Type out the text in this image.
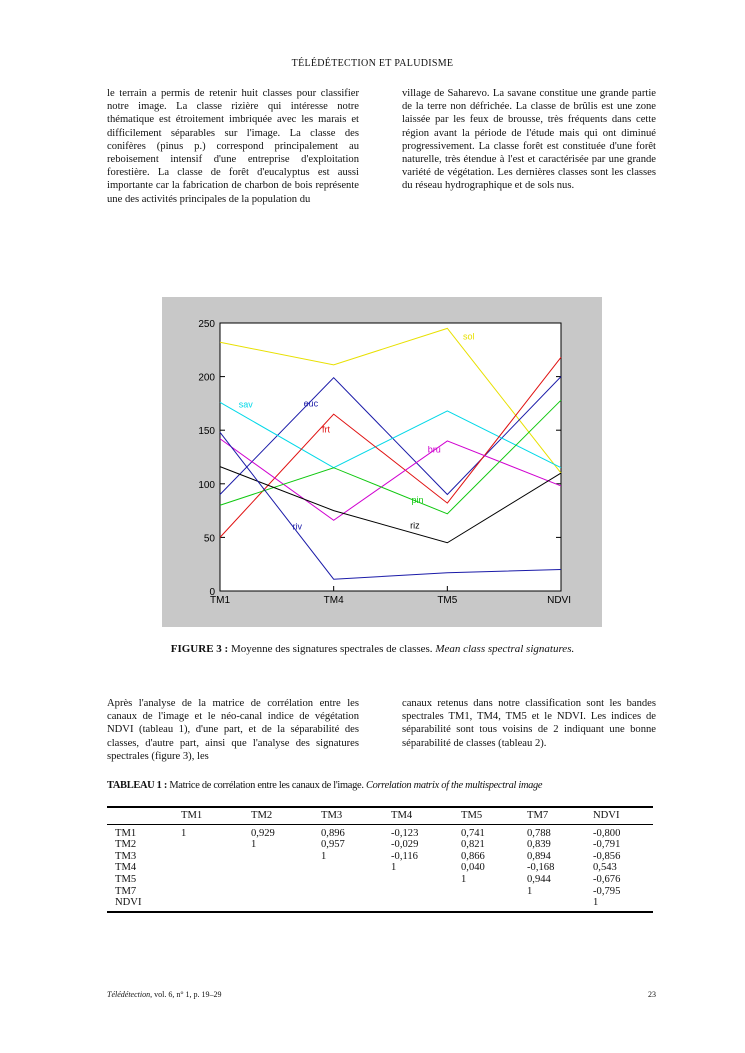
TÉLÉDÉTECTION ET PALUDISME

le terrain a permis de retenir huit classes pour classifier notre image. La classe rizière qui intéresse notre thématique est étroitement imbriquée avec les marais et difficilement séparables sur l'image. La classe des conifères (pinus p.) correspond principalement au reboisement intensif d'une entreprise d'exploitation forestière. La classe de forêt d'eucalyptus est aussi importante car la fabrication de charbon de bois représente une des activités principales de la population du

village de Saharevo. La savane constitue une grande partie de la terre non défrichée. La classe de brûlis est une zone laissée par les feux de brousse, très fréquents dans cette région avant la période de l'étude mais qui ont diminué progressivement. La classe forêt est constituée d'une forêt naturelle, très étendue à l'est et caractérisée par une grande variété de végétation. Les dernières classes sont les classes du réseau hydrographique et de sols nus.

0
50
100
150
200
250
TM1	TM4	TM5	NDVI
sol
euc
sav
frt
bru
pin
riz
riv
FIGURE 3 : Moyenne des signatures spectrales de classes. Mean class spectral signatures.

Après l'analyse de la matrice de corrélation entre les canaux de l'image et le néo-canal indice de végétation NDVI (tableau 1), d'une part, et de la séparabilité des classes, d'autre part, ainsi que l'analyse des signatures spectrales (figure 3), les

canaux retenus dans notre classification sont les bandes spectrales TM1, TM4, TM5 et le NDVI. Les indices de séparabilité sont tous voisins de 2 indiquant une bonne séparabilité de classes (tableau 2).

TABLEAU 1 : Matrice de corrélation entre les canaux de l'image. Correlation matrix of the multispectral image
	TM1	TM2	TM3	TM4	TM5	TM7	NDVI
TM1	1	0,929	0,896	-0,123	0,741	0,788	-0,800
TM2		1	0,957	-0,029	0,821	0,839	-0,791
TM3			1	-0,116	0,866	0,894	-0,856
TM4				1	0,040	-0,168	0,543
TM5					1	0,944	-0,676
TM7						1	-0,795
NDVI							1
Télédétection, vol. 6, n° 1, p. 19–29	23
